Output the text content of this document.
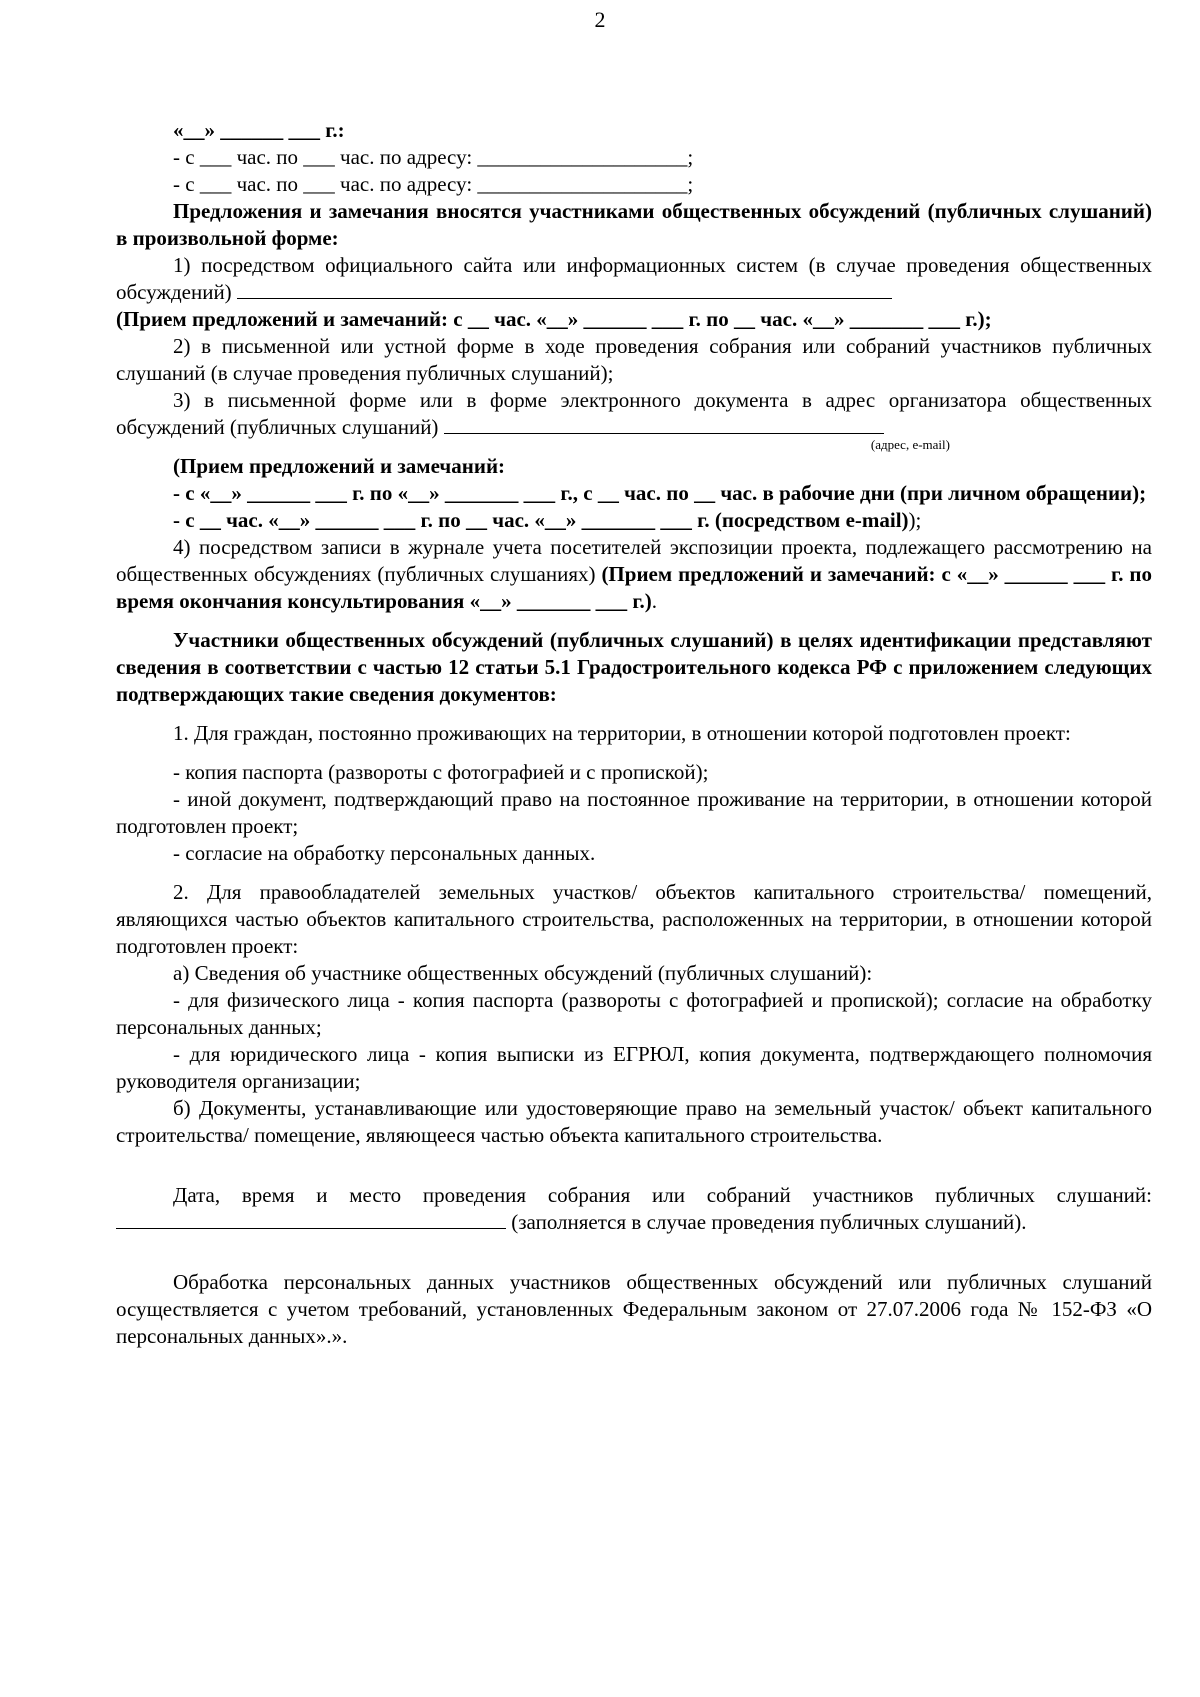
2

«__» ______ ___ г.:

- с ___ час. по ___ час. по адресу: ____________________;

- с ___ час. по ___ час. по адресу: ____________________;

Предложения и замечания вносятся участниками общественных обсуждений (публичных слушаний) в произвольной форме:

1) посредством официального сайта или информационных систем (в случае проведения общественных обсуждений)

(Прием предложений и замечаний: с __ час. «__» ______ ___ г. по __ час. «__» _______ ___ г.);

2) в письменной или устной форме в ходе проведения собрания или собраний участников публичных слушаний (в случае проведения публичных слушаний);

3) в письменной форме или в форме электронного документа в адрес организатора общественных обсуждений (публичных слушаний)

(адрес, e-mail)

(Прием предложений и замечаний:

- с «__» ______ ___ г. по «__» _______ ___ г., с __ час. по __ час. в рабочие дни (при личном обращении);

- с __ час. «__» ______ ___ г. по __ час. «__» _______ ___ г. (посредством e-mail));

4) посредством записи в журнале учета посетителей экспозиции проекта, подлежащего рассмотрению на общественных обсуждениях (публичных слушаниях) (Прием предложений и замечаний: с «__» ______ ___ г. по время окончания консультирования «__» _______ ___ г.).

Участники общественных обсуждений (публичных слушаний) в целях идентификации представляют сведения в соответствии с частью 12 статьи 5.1 Градостроительного кодекса РФ с приложением следующих подтверждающих такие сведения документов:

1. Для граждан, постоянно проживающих на территории, в отношении которой подготовлен проект:

- копия паспорта (развороты с фотографией и с пропиской);

- иной документ, подтверждающий право на постоянное проживание на территории, в отношении которой подготовлен проект;

- согласие на обработку персональных данных.

2. Для правообладателей земельных участков/ объектов капитального строительства/ помещений, являющихся частью объектов капитального строительства, расположенных на территории, в отношении которой подготовлен проект:

а) Сведения об участнике общественных обсуждений (публичных слушаний):

- для физического лица - копия паспорта (развороты с фотографией и пропиской); согласие на обработку персональных данных;

- для юридического лица - копия выписки из ЕГРЮЛ, копия документа, подтверждающего полномочия руководителя организации;

б) Документы, устанавливающие или удостоверяющие право на земельный участок/ объект капитального строительства/ помещение, являющееся частью объекта капитального строительства.

Дата, время и место проведения собрания или собраний участников публичных слушаний:  (заполняется в случае проведения публичных слушаний).

Обработка персональных данных участников общественных обсуждений или публичных слушаний осуществляется с учетом требований, установленных Федеральным законом от 27.07.2006 года № 152-ФЗ «О персональных данных».».
